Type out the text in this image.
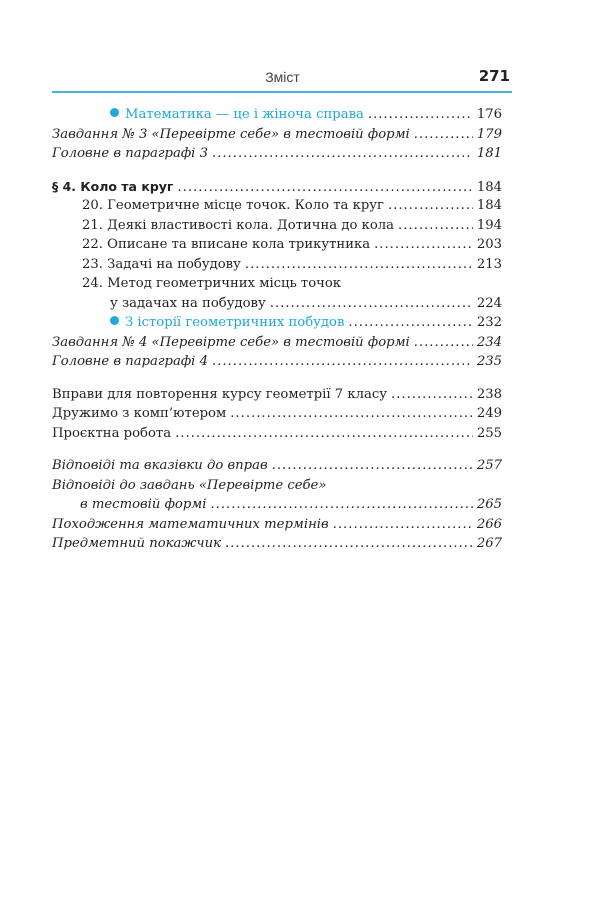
Зміст	271
Математика — це і жіноча справа .....	176
Завдання № 3 «Перевірте себе» в тестовій формі .....	179
Головне в параграфі 3 .....	181
§ 4. Коло та круг .....	184
20. Геометричне місце точок. Коло та круг .....	184
21. Деякі властивості кола. Дотична до кола .....	194
22. Описане та вписане кола трикутника .....	203
23. Задачі на побудову .....	213
24. Метод геометричних місць точок
у задачах на побудову .....	224
З історії геометричних побудов .....	232
Завдання № 4 «Перевірте себе» в тестовій формі .....	234
Головне в параграфі 4 .....	235
Вправи для повторення курсу геометрії 7 класу .....	238
Дружимо з комп’ютером .....	249
Проєктна робота .....	255
Відповіді та вказівки до вправ .....	257
Відповіді до завдань «Перевірте себе»
в тестовій формі .....	265
Походження математичних термінів .....	266
Предметний покажчик .....	267
